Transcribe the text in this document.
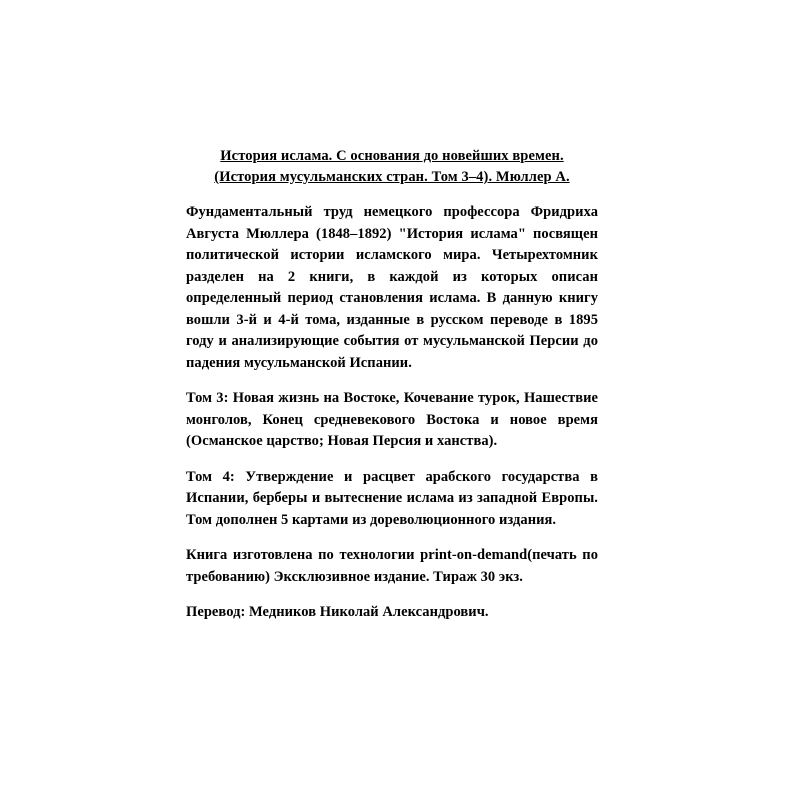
История ислама. С основания до новейших времен.
(История мусульманских стран. Том 3–4). Мюллер А.

Фундаментальный труд немецкого профессора Фридриха Августа Мюллера (1848–1892) "История ислама" посвящен политической истории исламского мира. Четырехтомник разделен на 2 книги, в каждой из которых описан определенный период становления ислама. В данную книгу вошли 3-й и 4-й тома, изданные в русском переводе в 1895 году и анализирующие события от мусульманской Персии до падения мусульманской Испании.

Том 3: Новая жизнь на Востоке, Кочевание турок, Нашествие монголов, Конец средневекового Востока и новое время (Османское царство; Новая Персия и ханства).

Том 4: Утверждение и расцвет арабского государства в Испании, берберы и вытеснение ислама из западной Европы. Том дополнен 5 картами из дореволюционного издания.

Книга изготовлена по технологии print-on-demand(печать по требованию) Эксклюзивное издание. Тираж 30 экз.

Перевод: Медников Николай Александрович.
